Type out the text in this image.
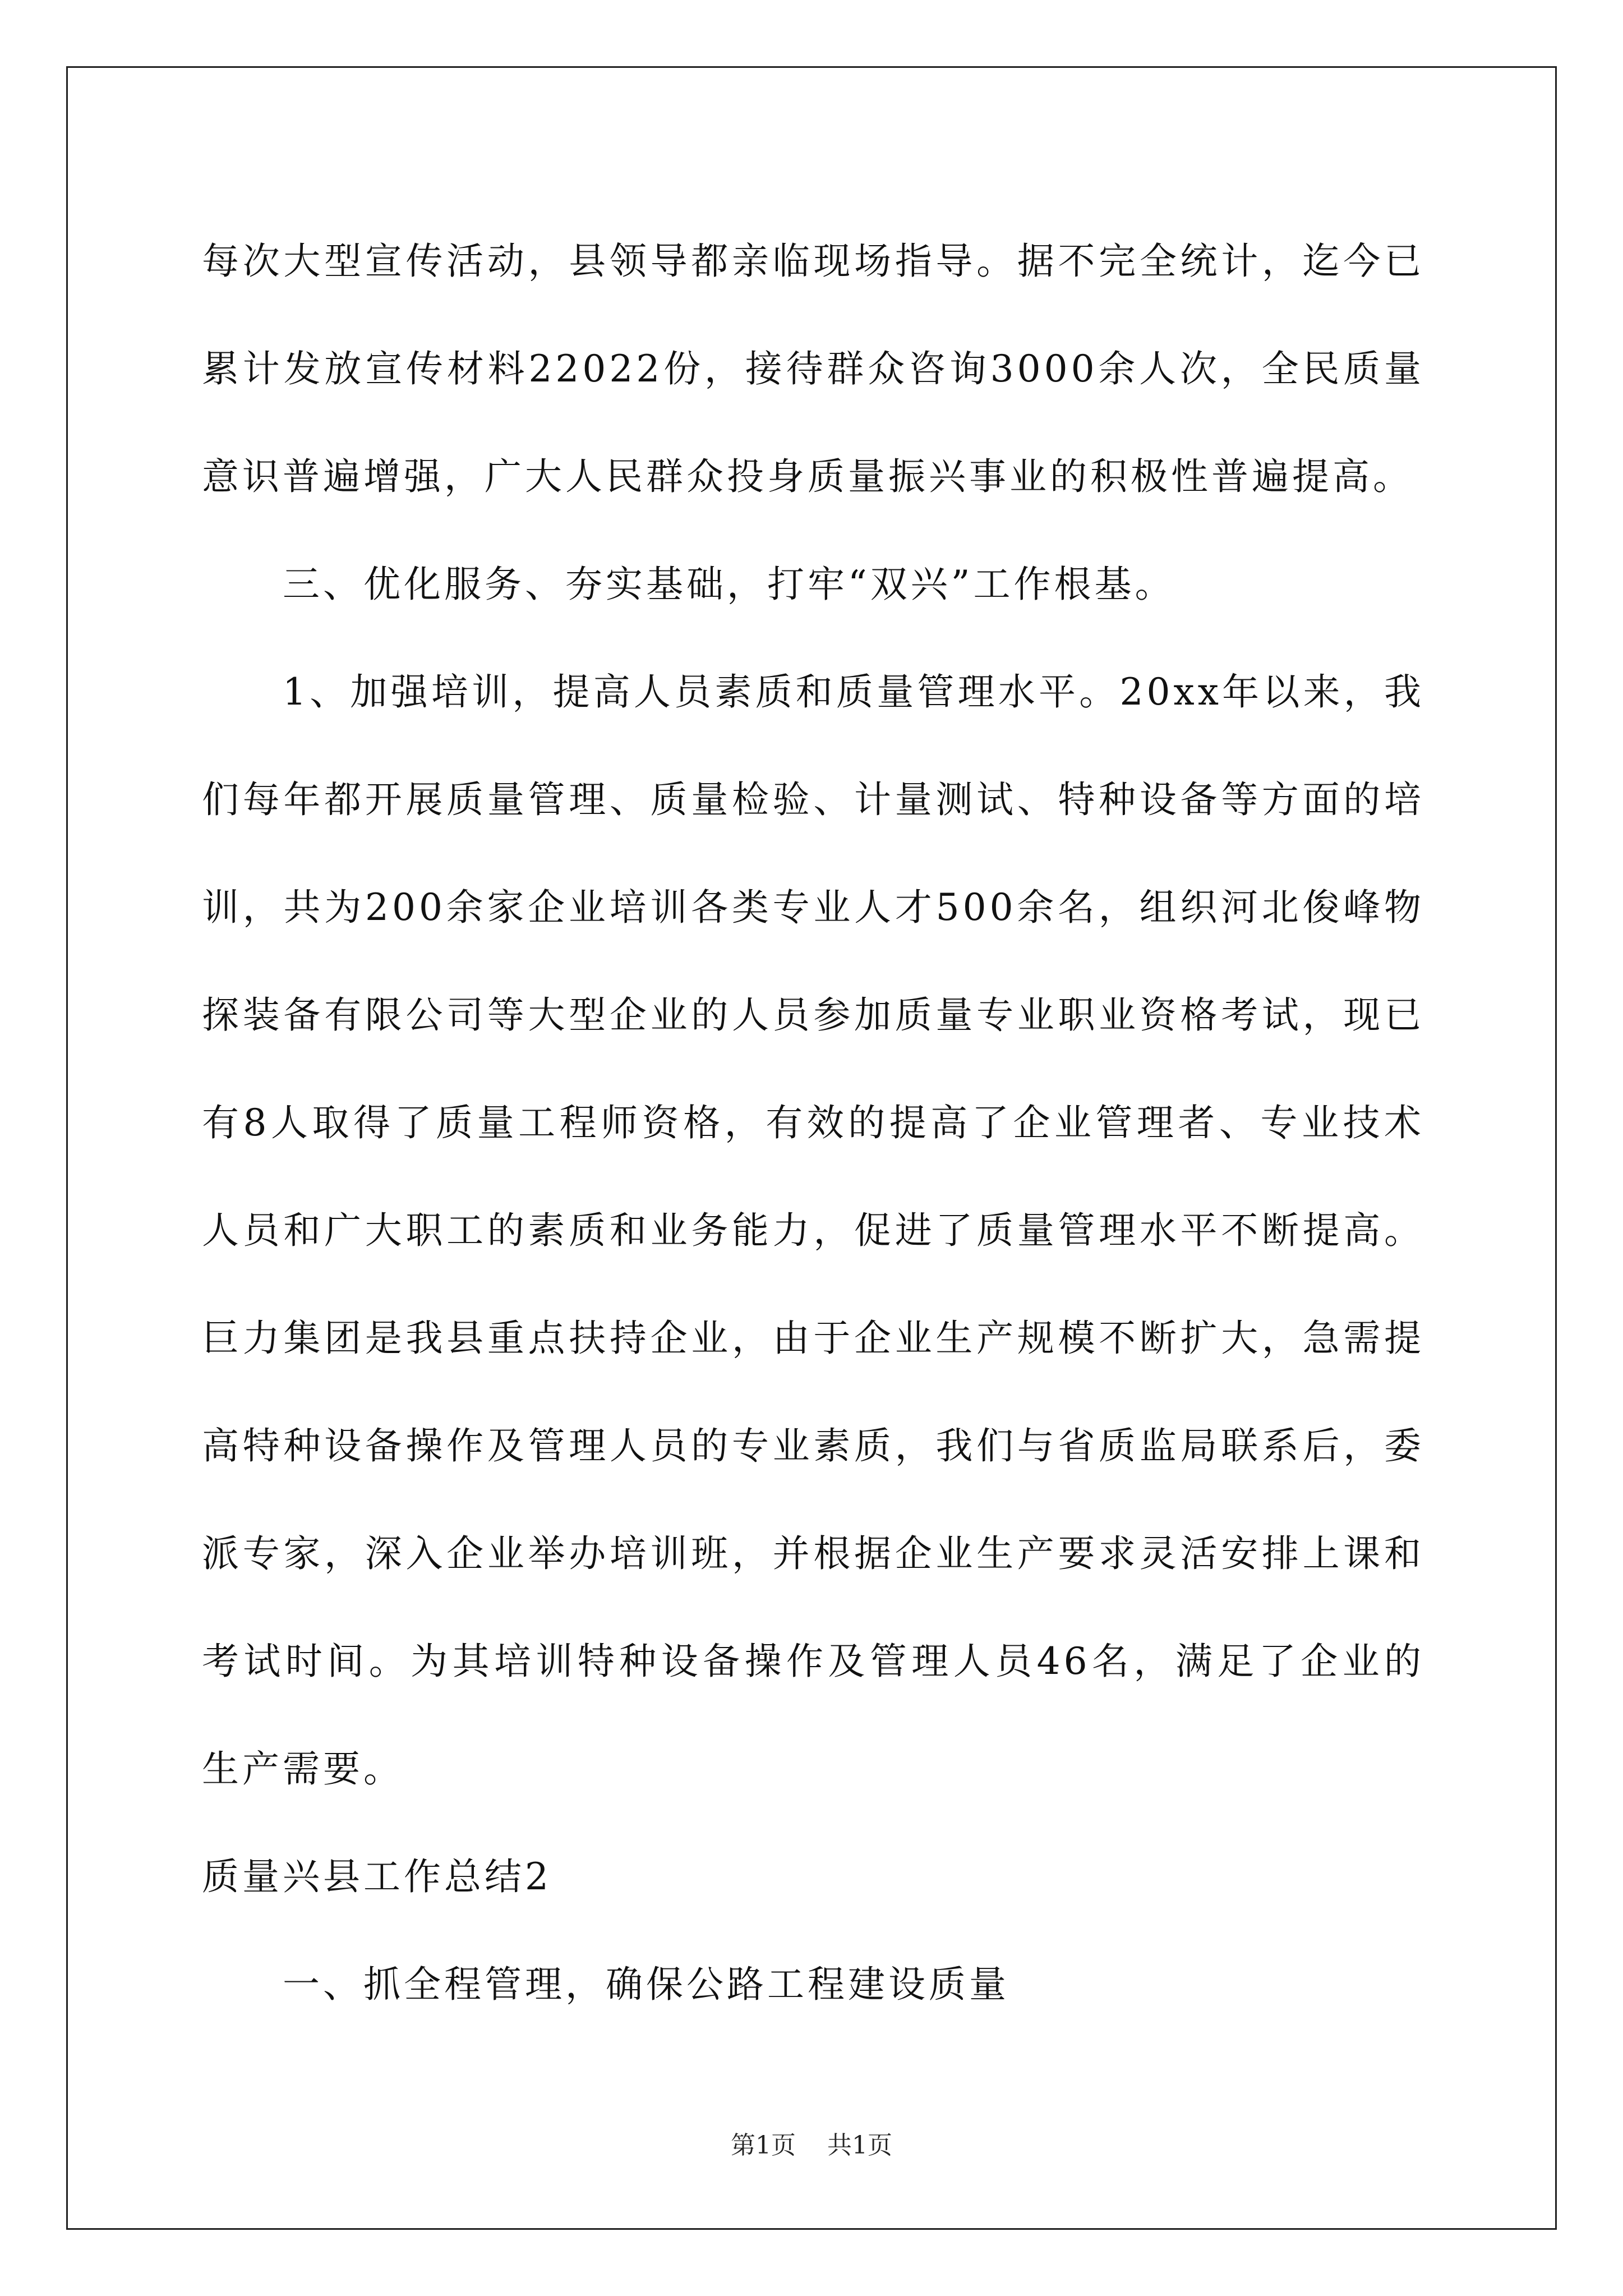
每次大型宣传活动，县领导都亲临现场指导。据不完全统计，迄今已累计发放宣传材料22022份，接待群众咨询3000余人次，全民质量意识普遍增强，广大人民群众投身质量振兴事业的积极性普遍提高。

三、优化服务、夯实基础，打牢“双兴”工作根基。

1、加强培训，提高人员素质和质量管理水平。20xx年以来，我们每年都开展质量管理、质量检验、计量测试、特种设备等方面的培训，共为200余家企业培训各类专业人才500余名，组织河北俊峰物探装备有限公司等大型企业的人员参加质量专业职业资格考试，现已有8人取得了质量工程师资格，有效的提高了企业管理者、专业技术人员和广大职工的素质和业务能力，促进了质量管理水平不断提高。巨力集团是我县重点扶持企业，由于企业生产规模不断扩大，急需提高特种设备操作及管理人员的专业素质，我们与省质监局联系后，委派专家，深入企业举办培训班，并根据企业生产要求灵活安排上课和考试时间。为其培训特种设备操作及管理人员46名，满足了企业的生产需要。

质量兴县工作总结2

一、抓全程管理，确保公路工程建设质量

第1页 共1页
